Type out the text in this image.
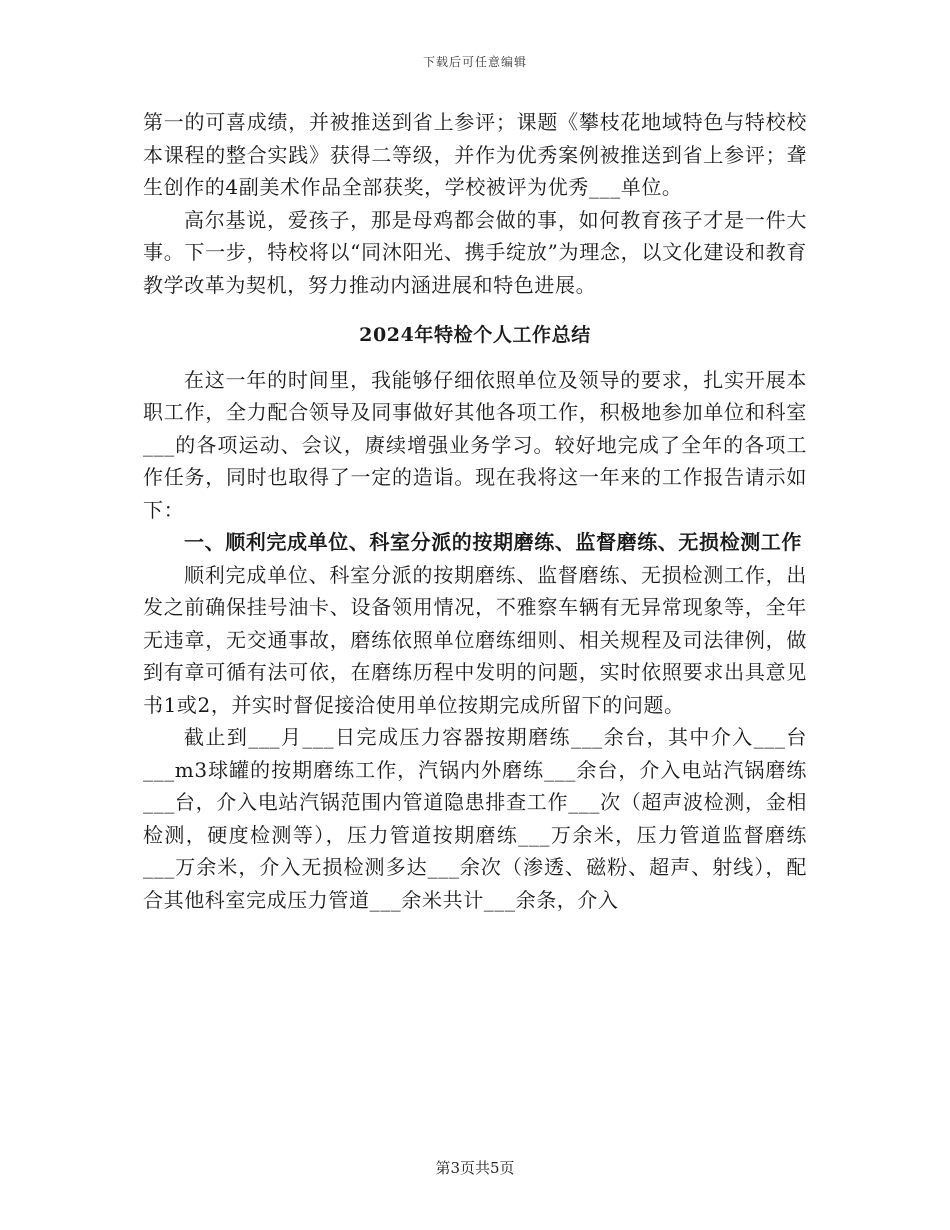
下载后可任意编辑

第一的可喜成绩，并被推送到省上参评；课题《攀枝花地域特色与特校校本课程的整合实践》获得二等级，并作为优秀案例被推送到省上参评；聋生创作的4副美术作品全部获奖，学校被评为优秀___单位。

高尔基说，爱孩子，那是母鸡都会做的事，如何教育孩子才是一件大事。下一步，特校将以“同沐阳光、携手绽放”为理念，以文化建设和教育教学改革为契机，努力推动内涵进展和特色进展。

2024年特检个人工作总结

在这一年的时间里，我能够仔细依照单位及领导的要求，扎实开展本职工作，全力配合领导及同事做好其他各项工作，积极地参加单位和科室___的各项运动、会议，赓续增强业务学习。较好地完成了全年的各项工作任务，同时也取得了一定的造诣。现在我将这一年来的工作报告请示如下：

一、顺利完成单位、科室分派的按期磨练、监督磨练、无损检测工作

顺利完成单位、科室分派的按期磨练、监督磨练、无损检测工作，出发之前确保挂号油卡、设备领用情况，不雅察车辆有无异常现象等，全年无违章，无交通事故，磨练依照单位磨练细则、相关规程及司法律例，做到有章可循有法可依，在磨练历程中发明的问题，实时依照要求出具意见书1或2，并实时督促接洽使用单位按期完成所留下的问题。

截止到___月___日完成压力容器按期磨练___余台，其中介入___台___m3球罐的按期磨练工作，汽锅内外磨练___余台，介入电站汽锅磨练___台，介入电站汽锅范围内管道隐患排查工作___次（超声波检测，金相检测，硬度检测等），压力管道按期磨练___万余米，压力管道监督磨练___万余米，介入无损检测多达___余次（渗透、磁粉、超声、射线），配合其他科室完成压力管道___余米共计___余条，介入

第3页共5页
